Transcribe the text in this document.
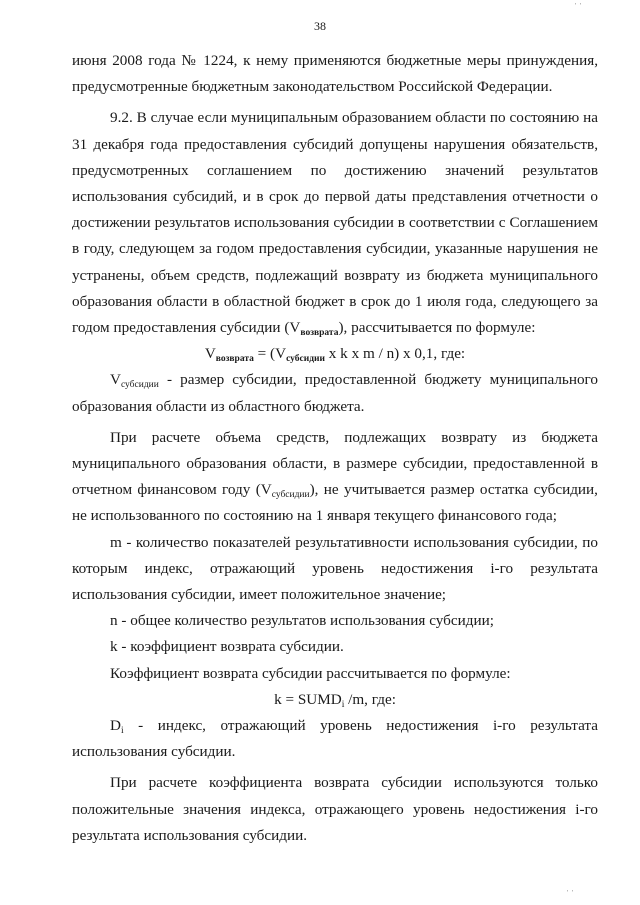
' '
38

июня 2008 года № 1224, к нему применяются бюджетные меры принуждения, предусмотренные бюджетным законодательством Российской Федерации.

9.2. В случае если муниципальным образованием области по состоянию на 31 декабря года предоставления субсидий допущены нарушения обязательств, предусмотренных соглашением по достижению значений результатов использования субсидий, и в срок до первой даты представления отчетности о достижении результатов использования субсидии в соответствии с Соглашением в году, следующем за годом предоставления субсидии, указанные нарушения не устранены, объем средств, подлежащий возврату из бюджета муниципального образования области в областной бюджет в срок до 1 июля года, следующего за годом предоставления субсидии $(V_{возврата})$, рассчитывается по формуле:

$V_{возврата} = (V_{субсидии}$ x k x m / n) x 0,1, где:

$V_{субсидии}$ - размер субсидии, предоставленной бюджету муниципального образования области из областного бюджета.

При расчете объема средств, подлежащих возврату из бюджета муниципального образования области, в размере субсидии, предоставленной в отчетном финансовом году $(V_{субсидии})$, не учитывается размер остатка субсидии, не использованного по состоянию на 1 января текущего финансового года;

m - количество показателей результативности использования субсидии, по которым индекс, отражающий уровень недостижения i-го результата использования субсидии, имеет положительное значение;

n - общее количество результатов использования субсидии;

k - коэффициент возврата субсидии.

Коэффициент возврата субсидии рассчитывается по формуле:

$k = SUMD_i$ /m, где:

$D_i$ - индекс, отражающий уровень недостижения i-го результата использования субсидии.

При расчете коэффициента возврата субсидии используются только положительные значения индекса, отражающего уровень недостижения i-го результата использования субсидии.

' '
